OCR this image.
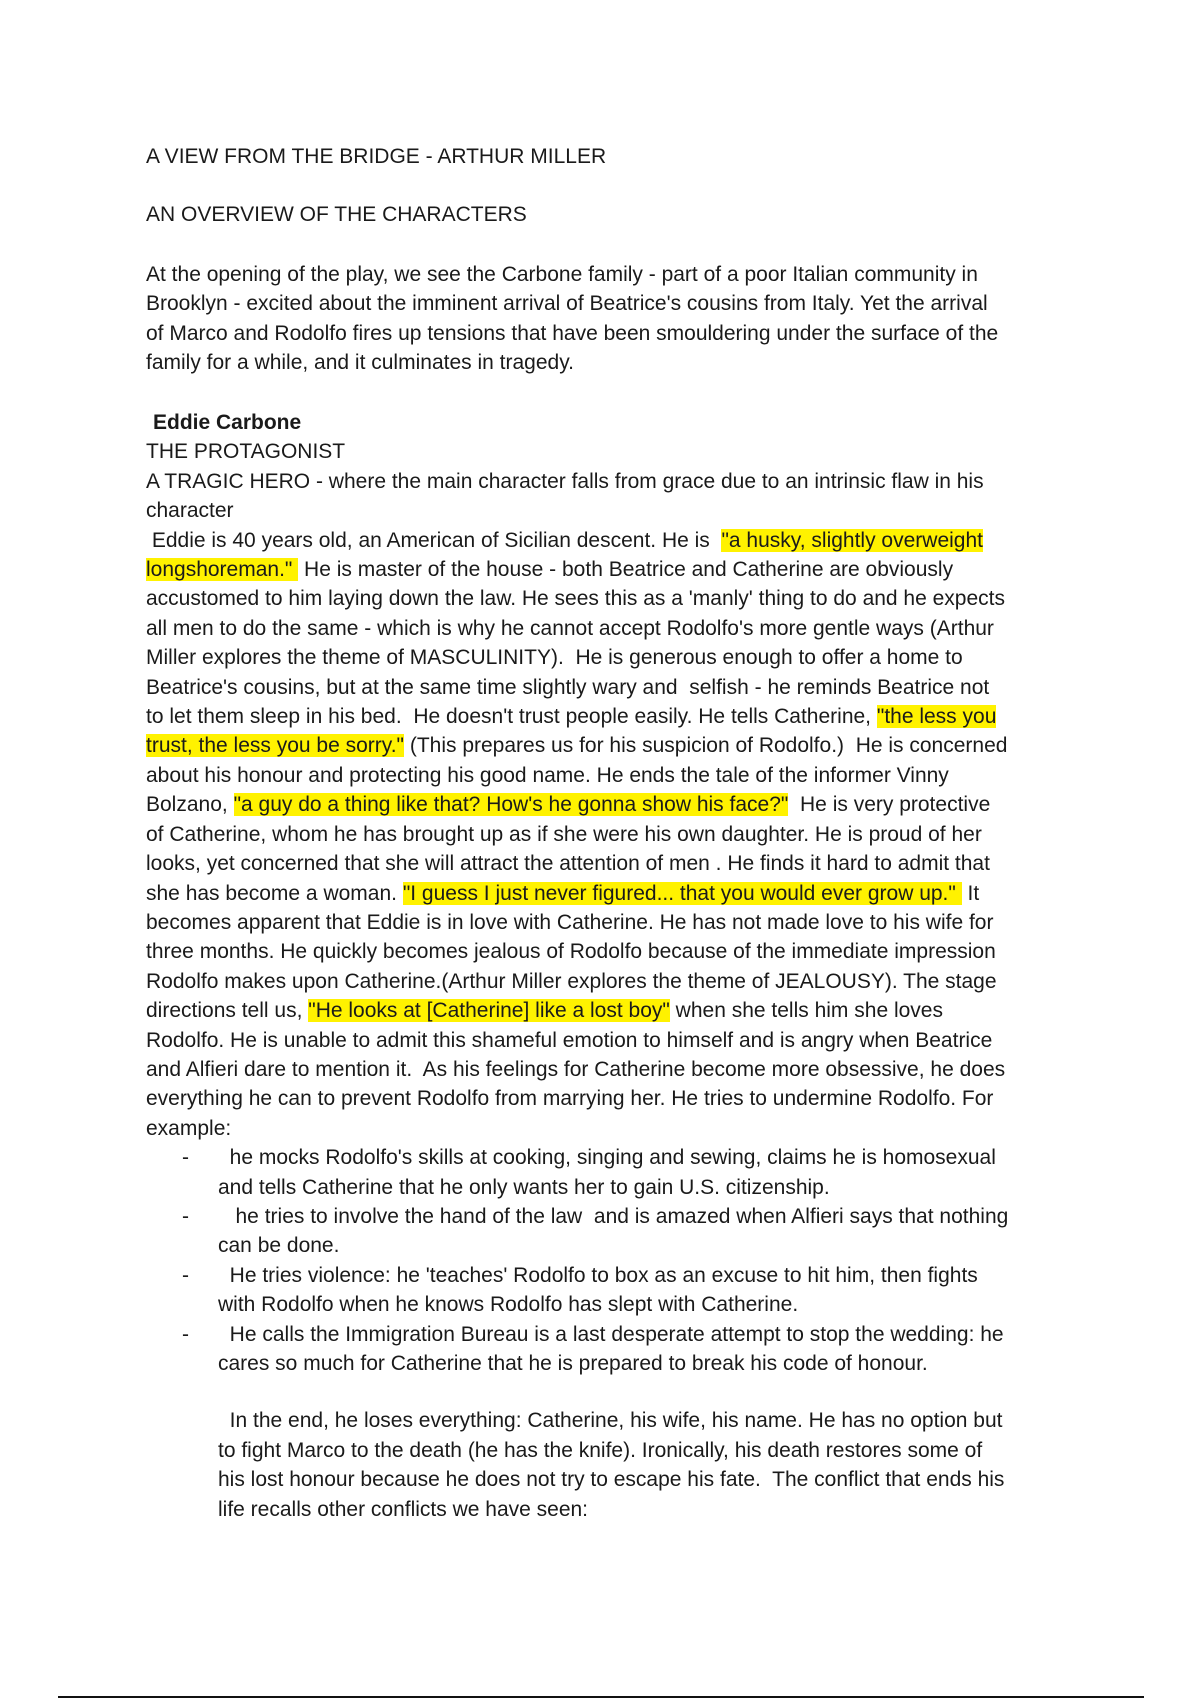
A VIEW FROM THE BRIDGE - ARTHUR MILLER
AN OVERVIEW OF THE CHARACTERS
At the opening of the play, we see the Carbone family - part of a poor Italian community in
Brooklyn - excited about the imminent arrival of Beatrice's cousins from Italy. Yet the arrival
of Marco and Rodolfo fires up tensions that have been smouldering under the surface of the
family for a while, and it culminates in tragedy.
Eddie Carbone
THE PROTAGONIST
A TRAGIC HERO - where the main character falls from grace due to an intrinsic flaw in his
character
Eddie is 40 years old, an American of Sicilian descent. He is  "a husky, slightly overweight
longshoreman."  He is master of the house - both Beatrice and Catherine are obviously
accustomed to him laying down the law. He sees this as a 'manly' thing to do and he expects
all men to do the same - which is why he cannot accept Rodolfo's more gentle ways (Arthur
Miller explores the theme of MASCULINITY).  He is generous enough to offer a home to
Beatrice's cousins, but at the same time slightly wary and  selfish - he reminds Beatrice not
to let them sleep in his bed.  He doesn't trust people easily. He tells Catherine, "the less you
trust, the less you be sorry." (This prepares us for his suspicion of Rodolfo.)  He is concerned
about his honour and protecting his good name. He ends the tale of the informer Vinny
Bolzano, "a guy do a thing like that? How's he gonna show his face?"  He is very protective
of Catherine, whom he has brought up as if she were his own daughter. He is proud of her
looks, yet concerned that she will attract the attention of men . He finds it hard to admit that
she has become a woman. "I guess I just never figured... that you would ever grow up."  It
becomes apparent that Eddie is in love with Catherine. He has not made love to his wife for
three months. He quickly becomes jealous of Rodolfo because of the immediate impression
Rodolfo makes upon Catherine.(Arthur Miller explores the theme of JEALOUSY). The stage
directions tell us, "He looks at [Catherine] like a lost boy" when she tells him she loves
Rodolfo. He is unable to admit this shameful emotion to himself and is angry when Beatrice
and Alfieri dare to mention it.  As his feelings for Catherine become more obsessive, he does
everything he can to prevent Rodolfo from marrying her. He tries to undermine Rodolfo. For
example:
- he mocks Rodolfo's skills at cooking, singing and sewing, claims he is homosexual
and tells Catherine that he only wants her to gain U.S. citizenship.
- he tries to involve the hand of the law  and is amazed when Alfieri says that nothing
can be done.
- He tries violence: he 'teaches' Rodolfo to box as an excuse to hit him, then fights
with Rodolfo when he knows Rodolfo has slept with Catherine.
- He calls the Immigration Bureau is a last desperate attempt to stop the wedding: he
cares so much for Catherine that he is prepared to break his code of honour.
In the end, he loses everything: Catherine, his wife, his name. He has no option but
to fight Marco to the death (he has the knife). Ironically, his death restores some of
his lost honour because he does not try to escape his fate.  The conflict that ends his
life recalls other conflicts we have seen:
